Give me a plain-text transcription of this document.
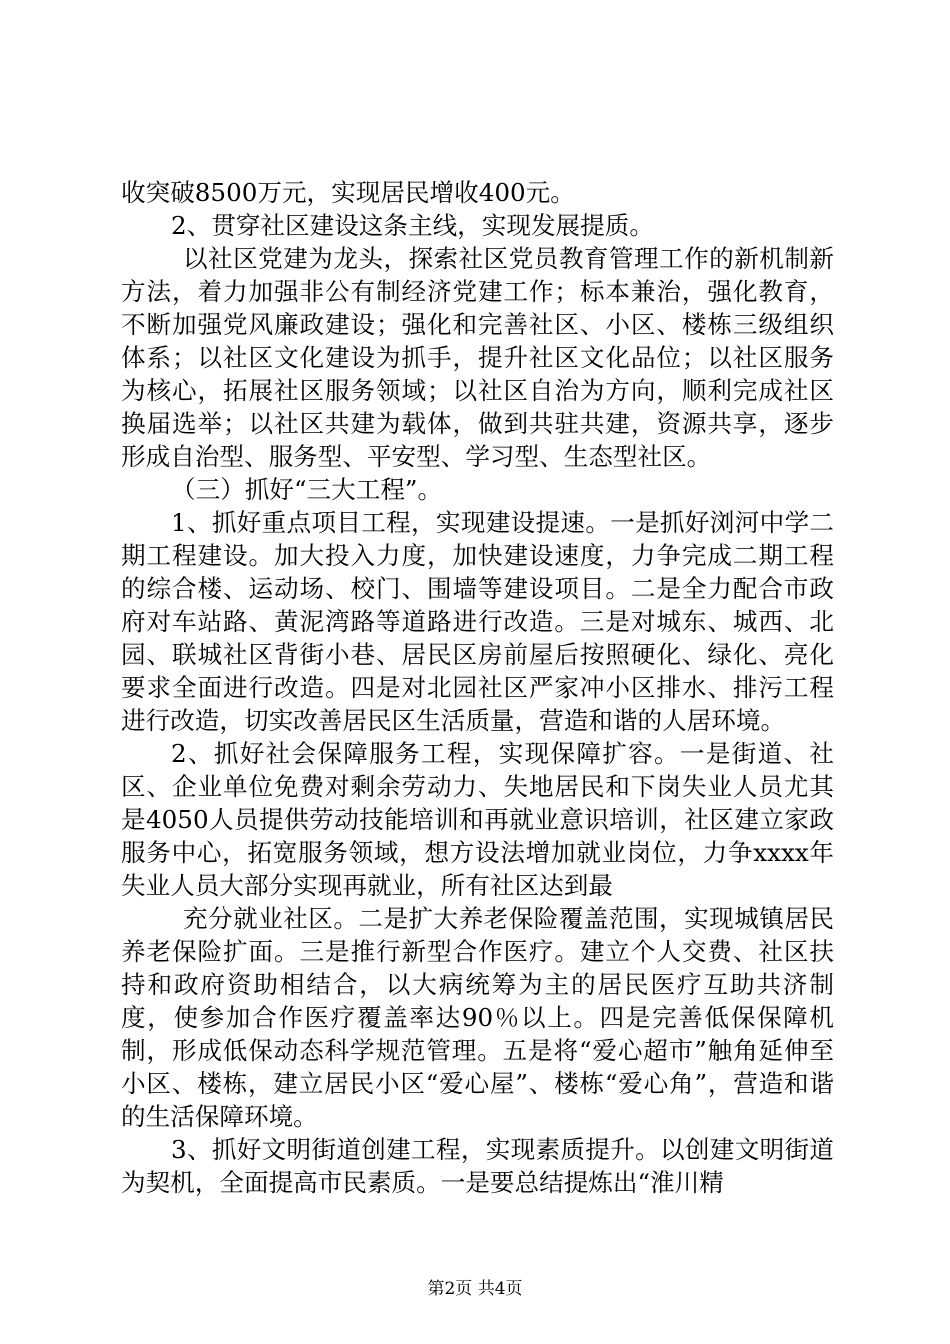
收突破8500万元，实现居民增收400元。

2、贯穿社区建设这条主线，实现发展提质。

以社区党建为龙头，探索社区党员教育管理工作的新机制新方法，着力加强非公有制经济党建工作；标本兼治，强化教育，不断加强党风廉政建设；强化和完善社区、小区、楼栋三级组织体系；以社区文化建设为抓手，提升社区文化品位；以社区服务为核心，拓展社区服务领域；以社区自治为方向，顺利完成社区换届选举；以社区共建为载体，做到共驻共建，资源共享，逐步形成自治型、服务型、平安型、学习型、生态型社区。

（三）抓好“三大工程”。

1、抓好重点项目工程，实现建设提速。一是抓好浏河中学二期工程建设。加大投入力度，加快建设速度，力争完成二期工程的综合楼、运动场、校门、围墙等建设项目。二是全力配合市政府对车站路、黄泥湾路等道路进行改造。三是对城东、城西、北园、联城社区背街小巷、居民区房前屋后按照硬化、绿化、亮化要求全面进行改造。四是对北园社区严家冲小区排水、排污工程进行改造，切实改善居民区生活质量，营造和谐的人居环境。

2、抓好社会保障服务工程，实现保障扩容。一是街道、社区、企业单位免费对剩余劳动力、失地居民和下岗失业人员尤其是4050人员提供劳动技能培训和再就业意识培训，社区建立家政服务中心，拓宽服务领域，想方设法增加就业岗位，力争xxxx年失业人员大部分实现再就业，所有社区达到最

充分就业社区。二是扩大养老保险覆盖范围，实现城镇居民养老保险扩面。三是推行新型合作医疗。建立个人交费、社区扶持和政府资助相结合，以大病统筹为主的居民医疗互助共济制度，使参加合作医疗覆盖率达90％以上。四是完善低保保障机制，形成低保动态科学规范管理。五是将“爱心超市”触角延伸至小区、楼栋，建立居民小区“爱心屋”、楼栋“爱心角”，营造和谐的生活保障环境。

3、抓好文明街道创建工程，实现素质提升。以创建文明街道为契机，全面提高市民素质。一是要总结提炼出“淮川精

第2页 共4页
